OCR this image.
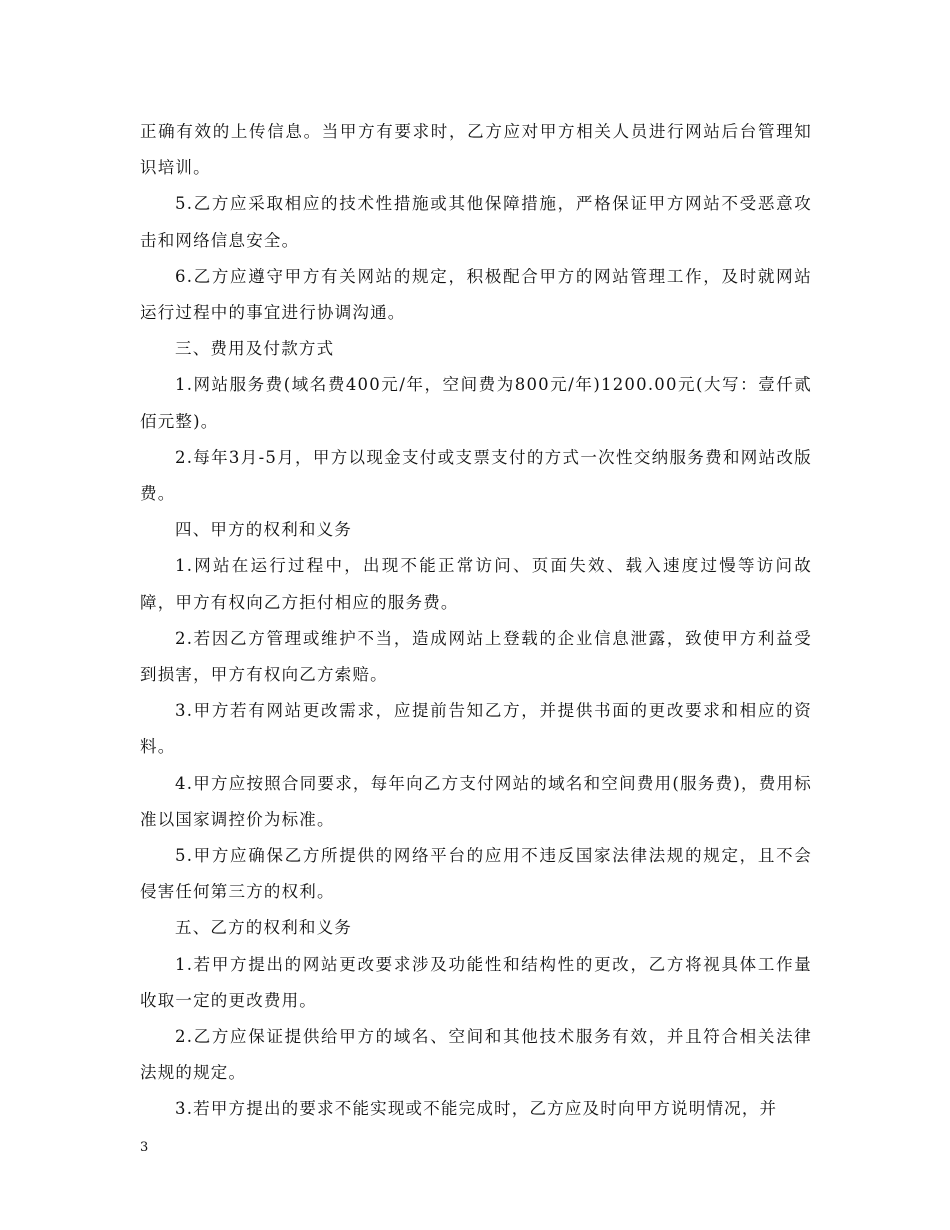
正确有效的上传信息。当甲方有要求时，乙方应对甲方相关人员进行网站后台管理知识培训。

5.乙方应采取相应的技术性措施或其他保障措施，严格保证甲方网站不受恶意攻击和网络信息安全。

6.乙方应遵守甲方有关网站的规定，积极配合甲方的网站管理工作，及时就网站运行过程中的事宜进行协调沟通。

三、费用及付款方式

1.网站服务费(域名费400元/年，空间费为800元/年)1200.00元(大写：壹仟贰佰元整)。

2.每年3月-5月，甲方以现金支付或支票支付的方式一次性交纳服务费和网站改版费。

四、甲方的权利和义务

1.网站在运行过程中，出现不能正常访问、页面失效、载入速度过慢等访问故障，甲方有权向乙方拒付相应的服务费。

2.若因乙方管理或维护不当，造成网站上登载的企业信息泄露，致使甲方利益受到损害，甲方有权向乙方索赔。

3.甲方若有网站更改需求，应提前告知乙方，并提供书面的更改要求和相应的资料。

4.甲方应按照合同要求，每年向乙方支付网站的域名和空间费用(服务费)，费用标准以国家调控价为标准。

5.甲方应确保乙方所提供的网络平台的应用不违反国家法律法规的规定，且不会侵害任何第三方的权利。

五、乙方的权利和义务

1.若甲方提出的网站更改要求涉及功能性和结构性的更改，乙方将视具体工作量收取一定的更改费用。

2.乙方应保证提供给甲方的域名、空间和其他技术服务有效，并且符合相关法律法规的规定。

3.若甲方提出的要求不能实现或不能完成时，乙方应及时向甲方说明情况，并

3
